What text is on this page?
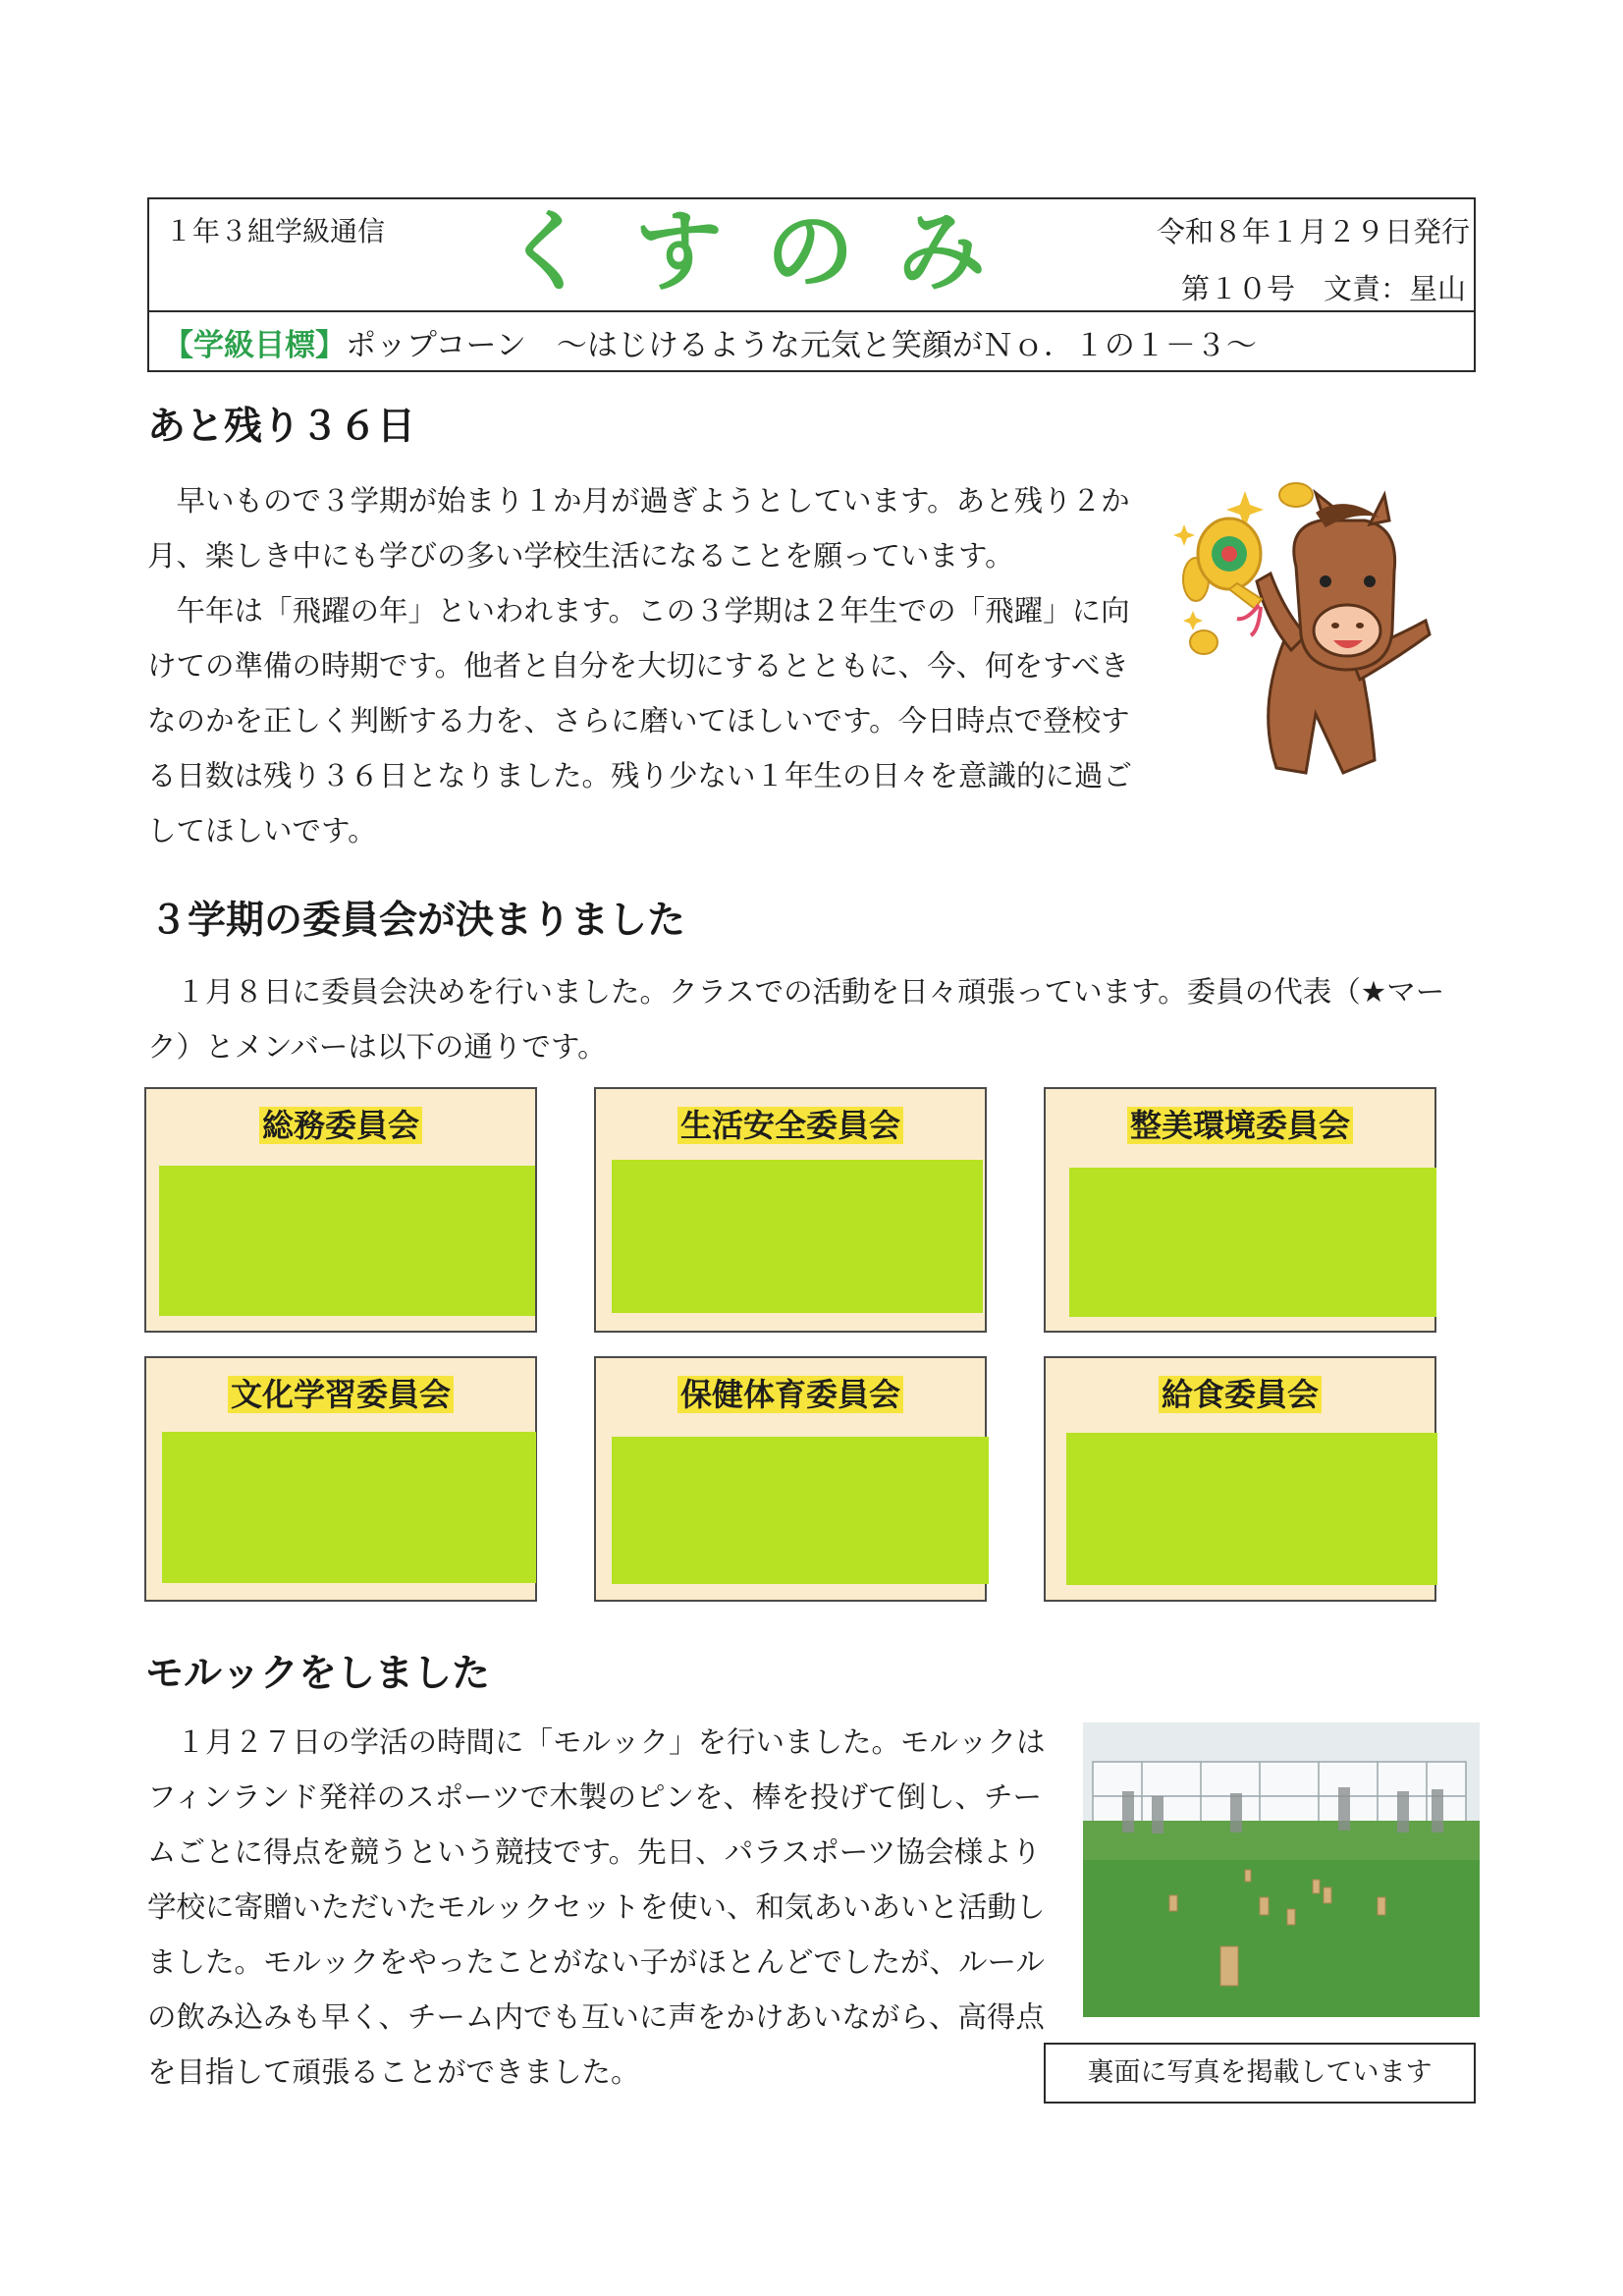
１年３組学級通信 くすのみ	令和８年１月２９日発行
第１０号　文責：星山
【学級目標】ポップコーン　～はじけるような元気と笑顔がＮｏ．１の１－３～
あと残り３６日

早いもので３学期が始まり１か月が過ぎようとしています。あと残り２か月、楽しき中にも学びの多い学校生活になることを願っています。

午年は「飛躍の年」といわれます。この３学期は２年生での「飛躍」に向けての準備の時期です。他者と自分を大切にするとともに、今、何をすべきなのかを正しく判断する力を、さらに磨いてほしいです。今日時点で登校する日数は残り３６日となりました。残り少ない１年生の日々を意識的に過ごしてほしいです。

３学期の委員会が決まりました

１月８日に委員会決めを行いました。クラスでの活動を日々頑張っています。委員の代表（★マーク）とメンバーは以下の通りです。

総務委員会	生活安全委員会	整美環境委員会
文化学習委員会	保健体育委員会	給食委員会
モルックをしました

１月２７日の学活の時間に「モルック」を行いました。モルックはフィンランド発祥のスポーツで木製のピンを、棒を投げて倒し、チームごとに得点を競うという競技です。先日、パラスポーツ協会様より学校に寄贈いただいたモルックセットを使い、和気あいあいと活動しました。モルックをやったことがない子がほとんどでしたが、ルールの飲み込みも早く、チーム内でも互いに声をかけあいながら、高得点を目指して頑張ることができました。	裏面に写真を掲載しています
